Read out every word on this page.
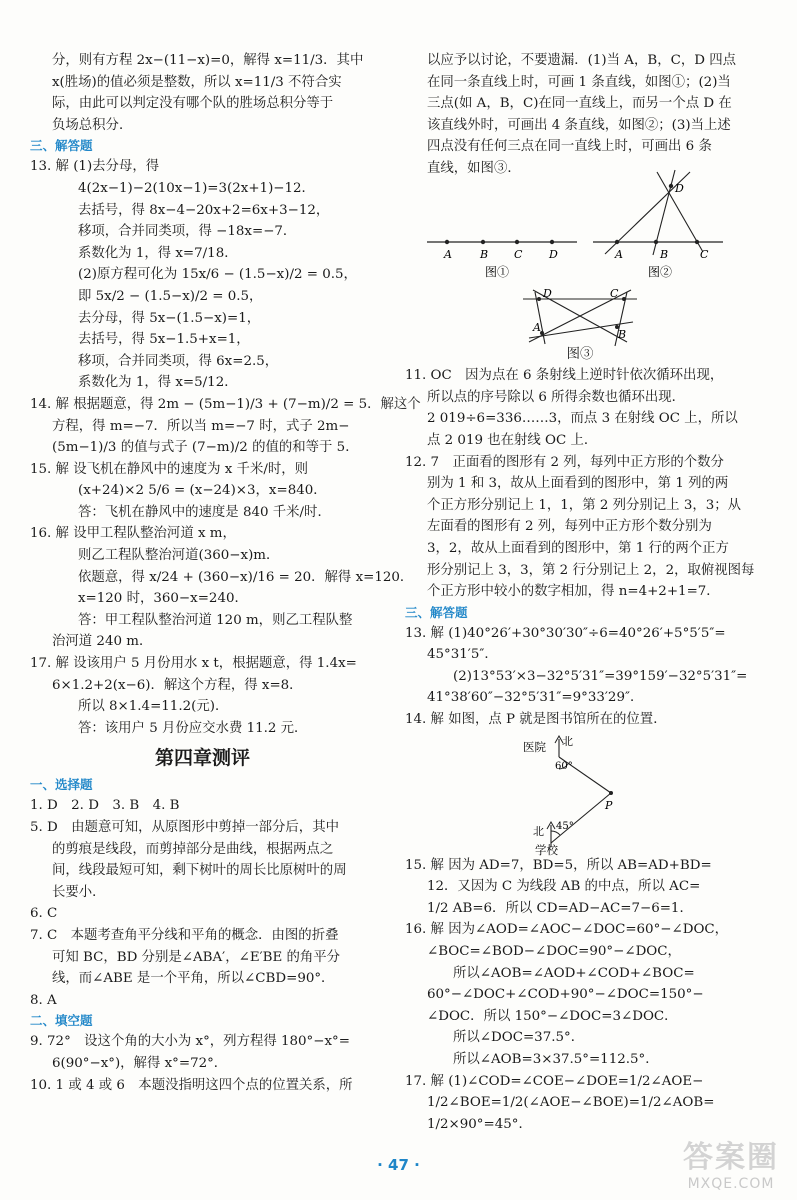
分，则有方程 2x−(11−x)=0，解得 x=11/3．其中
x(胜场)的值必须是整数，所以 x=11/3 不符合实
际，由此可以判定没有哪个队的胜场总积分等于
负场总积分．
三、解答题
13. 解 (1)去分母，得
4(2x−1)−2(10x−1)=3(2x+1)−12．
去括号，得 8x−4−20x+2=6x+3−12，
移项，合并同类项，得 −18x=−7．
系数化为 1，得 x=7/18．
(2)原方程可化为 15x/6 − (1.5−x)/2 = 0.5，
即 5x/2 − (1.5−x)/2 = 0.5，
去分母，得 5x−(1.5−x)=1，
去括号，得 5x−1.5+x=1，
移项，合并同类项，得 6x=2.5，
系数化为 1，得 x=5/12．
14. 解 根据题意，得 2m − (5m−1)/3 + (7−m)/2 = 5．解这个
方程，得 m=−7．所以当 m=−7 时，式子 2m−
(5m−1)/3 的值与式子 (7−m)/2 的值的和等于 5．
15. 解 设飞机在静风中的速度为 x 千米/时，则
(x+24)×2 5/6 = (x−24)×3，x=840．
答：飞机在静风中的速度是 840 千米/时．
16. 解 设甲工程队整治河道 x m，
则乙工程队整治河道(360−x)m．
依题意，得 x/24 + (360−x)/16 = 20．解得 x=120．
x=120 时，360−x=240．
答：甲工程队整治河道 120 m，则乙工程队整
治河道 240 m．
17. 解 设该用户 5 月份用水 x t，根据题意，得 1.4x=
6×1.2+2(x−6)．解这个方程，得 x=8．
所以 8×1.4=11.2(元)．
答：该用户 5 月份应交水费 11.2 元．
第四章测评
一、选择题
1. D　2. D　3. B　4. B
5. D　由题意可知，从原图形中剪掉一部分后，其中
的剪痕是线段，而剪掉部分是曲线，根据两点之
间，线段最短可知，剩下树叶的周长比原树叶的周
长要小．
6. C
7. C　本题考查角平分线和平角的概念．由图的折叠
可知 BC，BD 分别是∠ABA′，∠E′BE 的角平分
线，而∠ABE 是一个平角，所以∠CBD=90°．
8. A
二、填空题
9. 72°　设这个角的大小为 x°，列方程得 180°−x°=
6(90°−x°)，解得 x°=72°．
10. 1 或 4 或 6　本题没指明这四个点的位置关系，所
以应予以讨论，不要遗漏．(1)当 A，B，C，D 四点
在同一条直线上时，可画 1 条直线，如图①；(2)当
三点(如 A，B，C)在同一直线上，而另一个点 D 在
该直线外时，可画出 4 条直线，如图②；(3)当上述
四点没有任何三点在同一直线上时，可画出 6 条
直线，如图③．
A	B C D
图①
A	B	C
D
图②
D	C
A
B
图③
11. OC　因为点在 6 条射线上逆时针依次循环出现，
所以点的序号除以 6 所得余数也循环出现．
2 019÷6=336……3，而点 3 在射线 OC 上，所以
点 2 019 也在射线 OC 上．
12. 7　正面看的图形有 2 列，每列中正方形的个数分
别为 1 和 3，故从上面看到的图形中，第 1 列的两
个正方形分别记上 1，1，第 2 列分别记上 3，3；从
左面看的图形有 2 列，每列中正方形个数分别为
3，2，故从上面看到的图形中，第 1 行的两个正方
形分别记上 3，3，第 2 行分别记上 2，2，取俯视图每
个正方形中较小的数字相加，得 n=4+2+1=7．
三、解答题
13. 解 (1)40°26′+30°30′30″÷6=40°26′+5°5′5″=
45°31′5″．
(2)13°53′×3−32°5′31″=39°159′−32°5′31″=
41°38′60″−32°5′31″=9°33′29″．
14. 解 如图，点 P 就是图书馆所在的位置．
医院 北
60°
P
北 45°
学校
15. 解 因为 AD=7，BD=5，所以 AB=AD+BD=
12．又因为 C 为线段 AB 的中点，所以 AC=
1/2 AB=6．所以 CD=AD−AC=7−6=1．
16. 解 因为∠AOD=∠AOC−∠DOC=60°−∠DOC，
∠BOC=∠BOD−∠DOC=90°−∠DOC，
所以∠AOB=∠AOD+∠COD+∠BOC=
60°−∠DOC+∠COD+90°−∠DOC=150°−
∠DOC．所以 150°−∠DOC=3∠DOC．
所以∠DOC=37.5°．
所以∠AOB=3×37.5°=112.5°．
17. 解 (1)∠COD=∠COE−∠DOE=1/2∠AOE−
1/2∠BOE=1/2(∠AOE−∠BOE)=1/2∠AOB=
1/2×90°=45°．
· 47 ·	答案圈
MXQE.COM
